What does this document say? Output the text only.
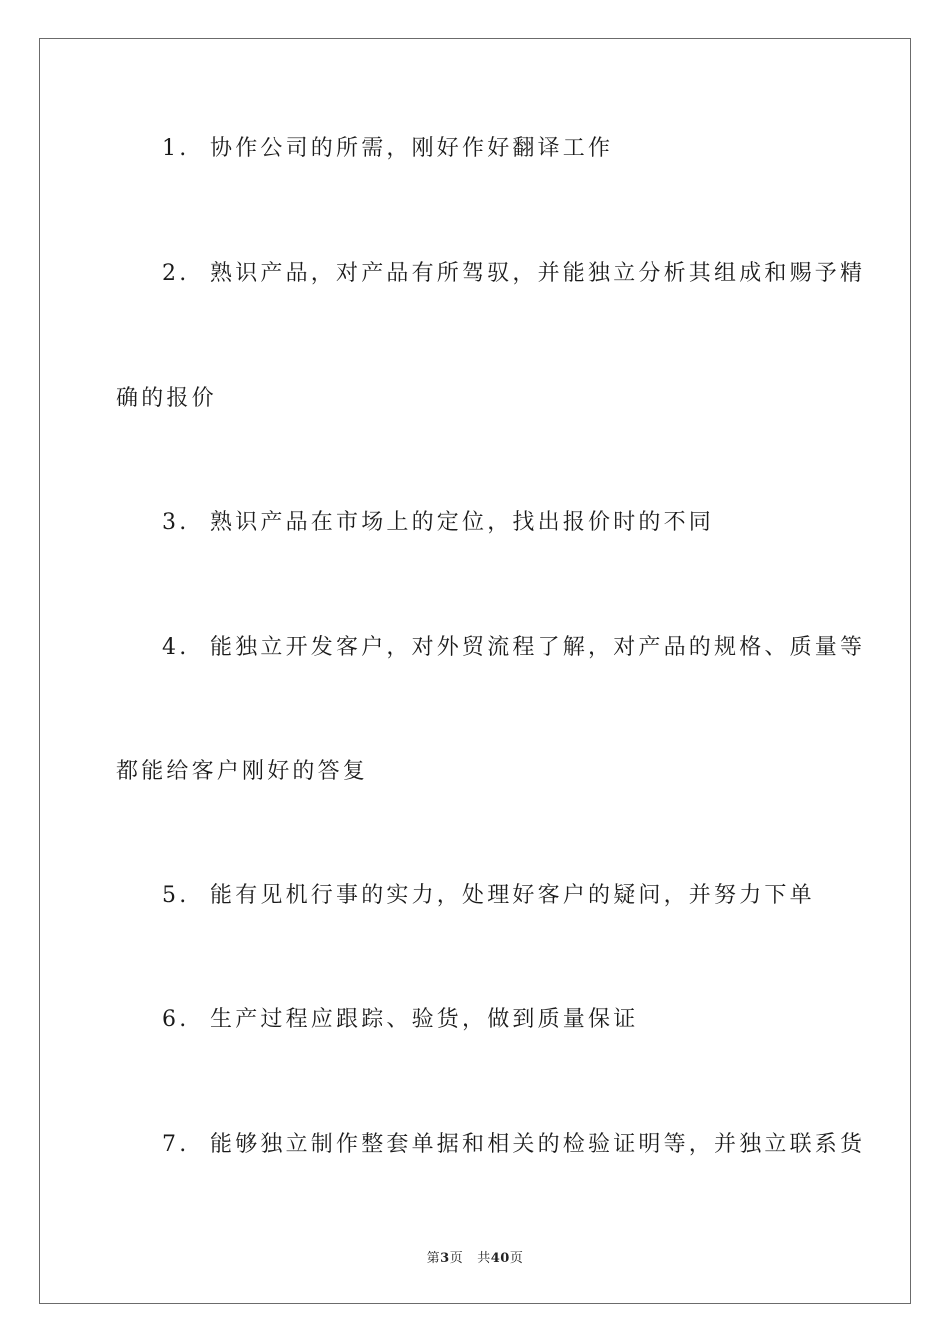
1. 协作公司的所需，刚好作好翻译工作
2. 熟识产品，对产品有所驾驭，并能独立分析其组成和赐予精
确的报价
3. 熟识产品在市场上的定位，找出报价时的不同
4. 能独立开发客户，对外贸流程了解，对产品的规格、质量等
都能给客户刚好的答复
5. 能有见机行事的实力，处理好客户的疑问，并努力下单
6. 生产过程应跟踪、验货，做到质量保证
7. 能够独立制作整套单据和相关的检验证明等，并独立联系货
第3页 共40页
